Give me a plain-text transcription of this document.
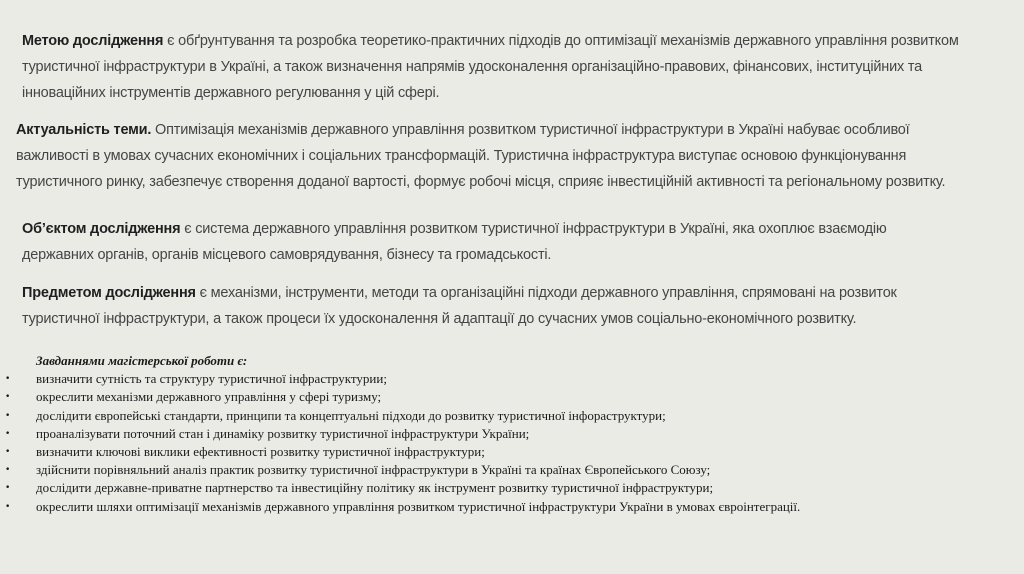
Метою дослідження є обґрунтування та розробка теоретико-практичних підходів до оптимізації механізмів державного управління розвитком туристичної інфраструктури в Україні, а також визначення напрямів удосконалення організаційно-правових, фінансових, інституційних та інноваційних інструментів державного регулювання у цій сфері.
Актуальність теми. Оптимізація механізмів державного управління розвитком туристичної інфраструктури в Україні набуває особливої важливості в умовах сучасних економічних і соціальних трансформацій. Туристична інфраструктура виступає основою функціонування туристичного ринку, забезпечує створення доданої вартості, формує робочі місця, сприяє інвестиційній активності та регіональному розвитку.
Об’єктом дослідження є система державного управління розвитком туристичної інфраструктури в Україні, яка охоплює взаємодію державних органів, органів місцевого самоврядування, бізнесу та громадськості.
Предметом дослідження є механізми, інструменти, методи та організаційні підходи державного управління, спрямовані на розвиток туристичної інфраструктури, а також процеси їх удосконалення й адаптації до сучасних умов соціально-економічного розвитку.
Завданнями магістерської роботи є:
• визначити сутність та структуру туристичної інфраструктурии;
• окреслити механізми державного управління у сфері туризму;
• дослідити європейські стандарти, принципи та концептуальні підходи до розвитку туристичної інфораструктури;
• проаналізувати поточний стан і динаміку розвитку туристичної інфраструктури України;
• визначити ключові виклики ефективності розвитку туристичної інфраструктури;
• здійснити порівняльний аналіз практик розвитку туристичної інфраструктури в Україні та країнах Європейського Союзу;
• дослідити державне-приватне партнерство та інвестиційну політику як інструмент розвитку туристичної інфраструктури;
• окреслити шляхи оптимізації механізмів державного управління розвитком туристичної інфраструктури України в умовах євроінтеграції.
